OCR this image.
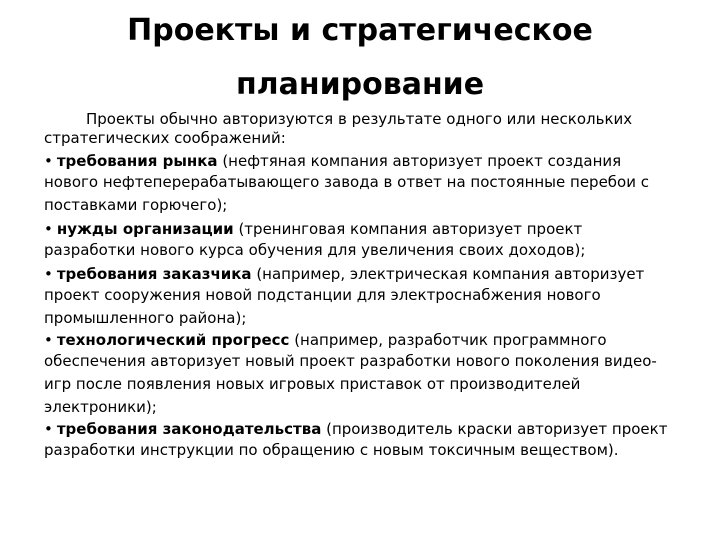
Проекты и стратегическое
планирование
Проекты обычно авторизуются в результате одного или нескольких
стратегических соображений:
• требования рынка (нефтяная компания авторизует проект создания
нового нефтеперерабатывающего завода в ответ на постоянные перебои с
поставками горючего);
• нужды организации (тренинговая компания авторизует проект
разработки нового курса обучения для увеличения своих доходов);
• требования заказчика (например, электрическая компания авторизует
проект сооружения новой подстанции для электроснабжения нового
промышленного района);
• технологический прогресс (например, разработчик программного
обеспечения авторизует новый проект разработки нового поколения видео-
игр после появления новых игровых приставок от производителей
электроники);
• требования законодательства (производитель краски авторизует проект
разработки инструкции по обращению с новым токсичным веществом).
